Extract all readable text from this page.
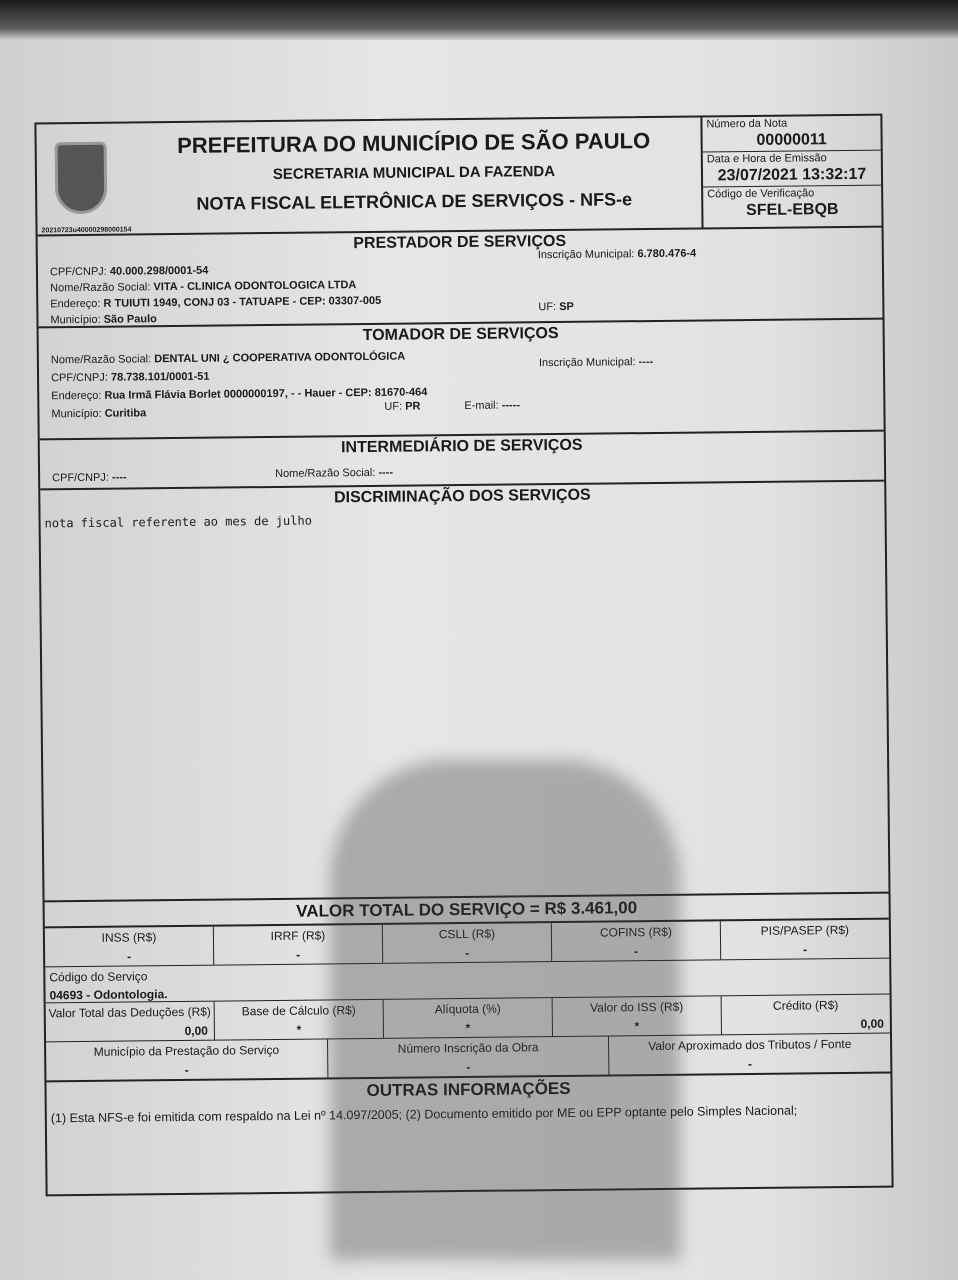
20210723u40000298000154
PREFEITURA DO MUNICÍPIO DE SÃO PAULO
SECRETARIA MUNICIPAL DA FAZENDA
NOTA FISCAL ELETRÔNICA DE SERVIÇOS - NFS-e
Número da Nota
00000011
Data e Hora de Emissão
23/07/2021 13:32:17
Código de Verificação
SFEL-EBQB
PRESTADOR DE SERVIÇOS
Inscrição Municipal: 6.780.476-4
CPF/CNPJ: 40.000.298/0001-54
Nome/Razão Social: VITA - CLINICA ODONTOLOGICA LTDA
Endereço: R TUIUTI 1949, CONJ 03 - TATUAPE - CEP: 03307-005	UF: SP
Município: São Paulo
TOMADOR DE SERVIÇOS
Nome/Razão Social: DENTAL UNI ¿ COOPERATIVA ODONTOLÓGICA	Inscrição Municipal: ----
CPF/CNPJ: 78.738.101/0001-51
Endereço: Rua Irmã Flávia Borlet 0000000197, - - Hauer - CEP: 81670-464
Município: Curitiba
UF: PR	E-mail: -----
INTERMEDIÁRIO DE SERVIÇOS
CPF/CNPJ: ----	Nome/Razão Social: ----
DISCRIMINAÇÃO DOS SERVIÇOS
nota fiscal referente ao mes de julho
VALOR TOTAL DO SERVIÇO = R$ 3.461,00
INSS (R$)
-
IRRF (R$)
-
CSLL (R$)
-
COFINS (R$)
-
PIS/PASEP (R$)
-
Código do Serviço
04693 - Odontologia.
Valor Total das Deduções (R$)
0,00
Base de Cálculo (R$)
*
Alíquota (%)
*
Valor do ISS (R$)
*
Crédito (R$)
0,00
Município da Prestação do Serviço
-
Número Inscrição da Obra
-
Valor Aproximado dos Tributos / Fonte
-
OUTRAS INFORMAÇÕES
(1) Esta NFS-e foi emitida com respaldo na Lei nº 14.097/2005; (2) Documento emitido por ME ou EPP optante pelo Simples Nacional;
